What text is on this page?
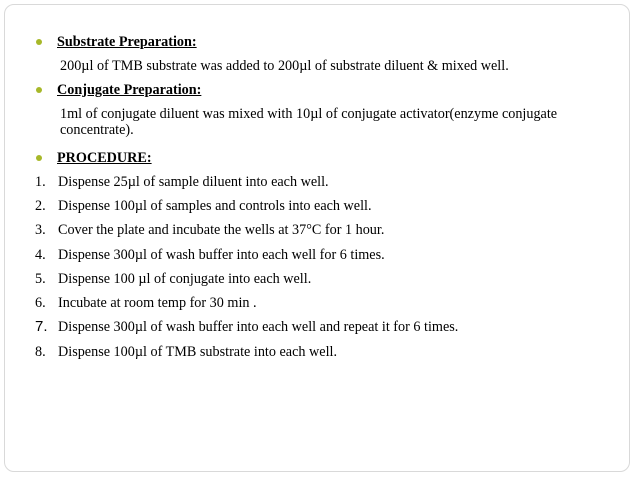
Substrate Preparation:
200µl of TMB substrate was added to 200µl of substrate diluent & mixed well.
Conjugate Preparation:
1ml of conjugate diluent was mixed with 10µl of conjugate activator(enzyme conjugate concentrate).
PROCEDURE:
1. Dispense 25µl of sample diluent into each well.
2. Dispense 100µl of samples and controls into each well.
3. Cover the plate and incubate the wells at 37°C for 1 hour.
4. Dispense 300µl of wash buffer into each well for 6 times.
5. Dispense 100 µl of conjugate into each well.
6. Incubate at room temp for 30 min .
7. Dispense 300µl of wash buffer into each well and repeat it for 6 times.
8. Dispense 100µl of TMB substrate into each well.
